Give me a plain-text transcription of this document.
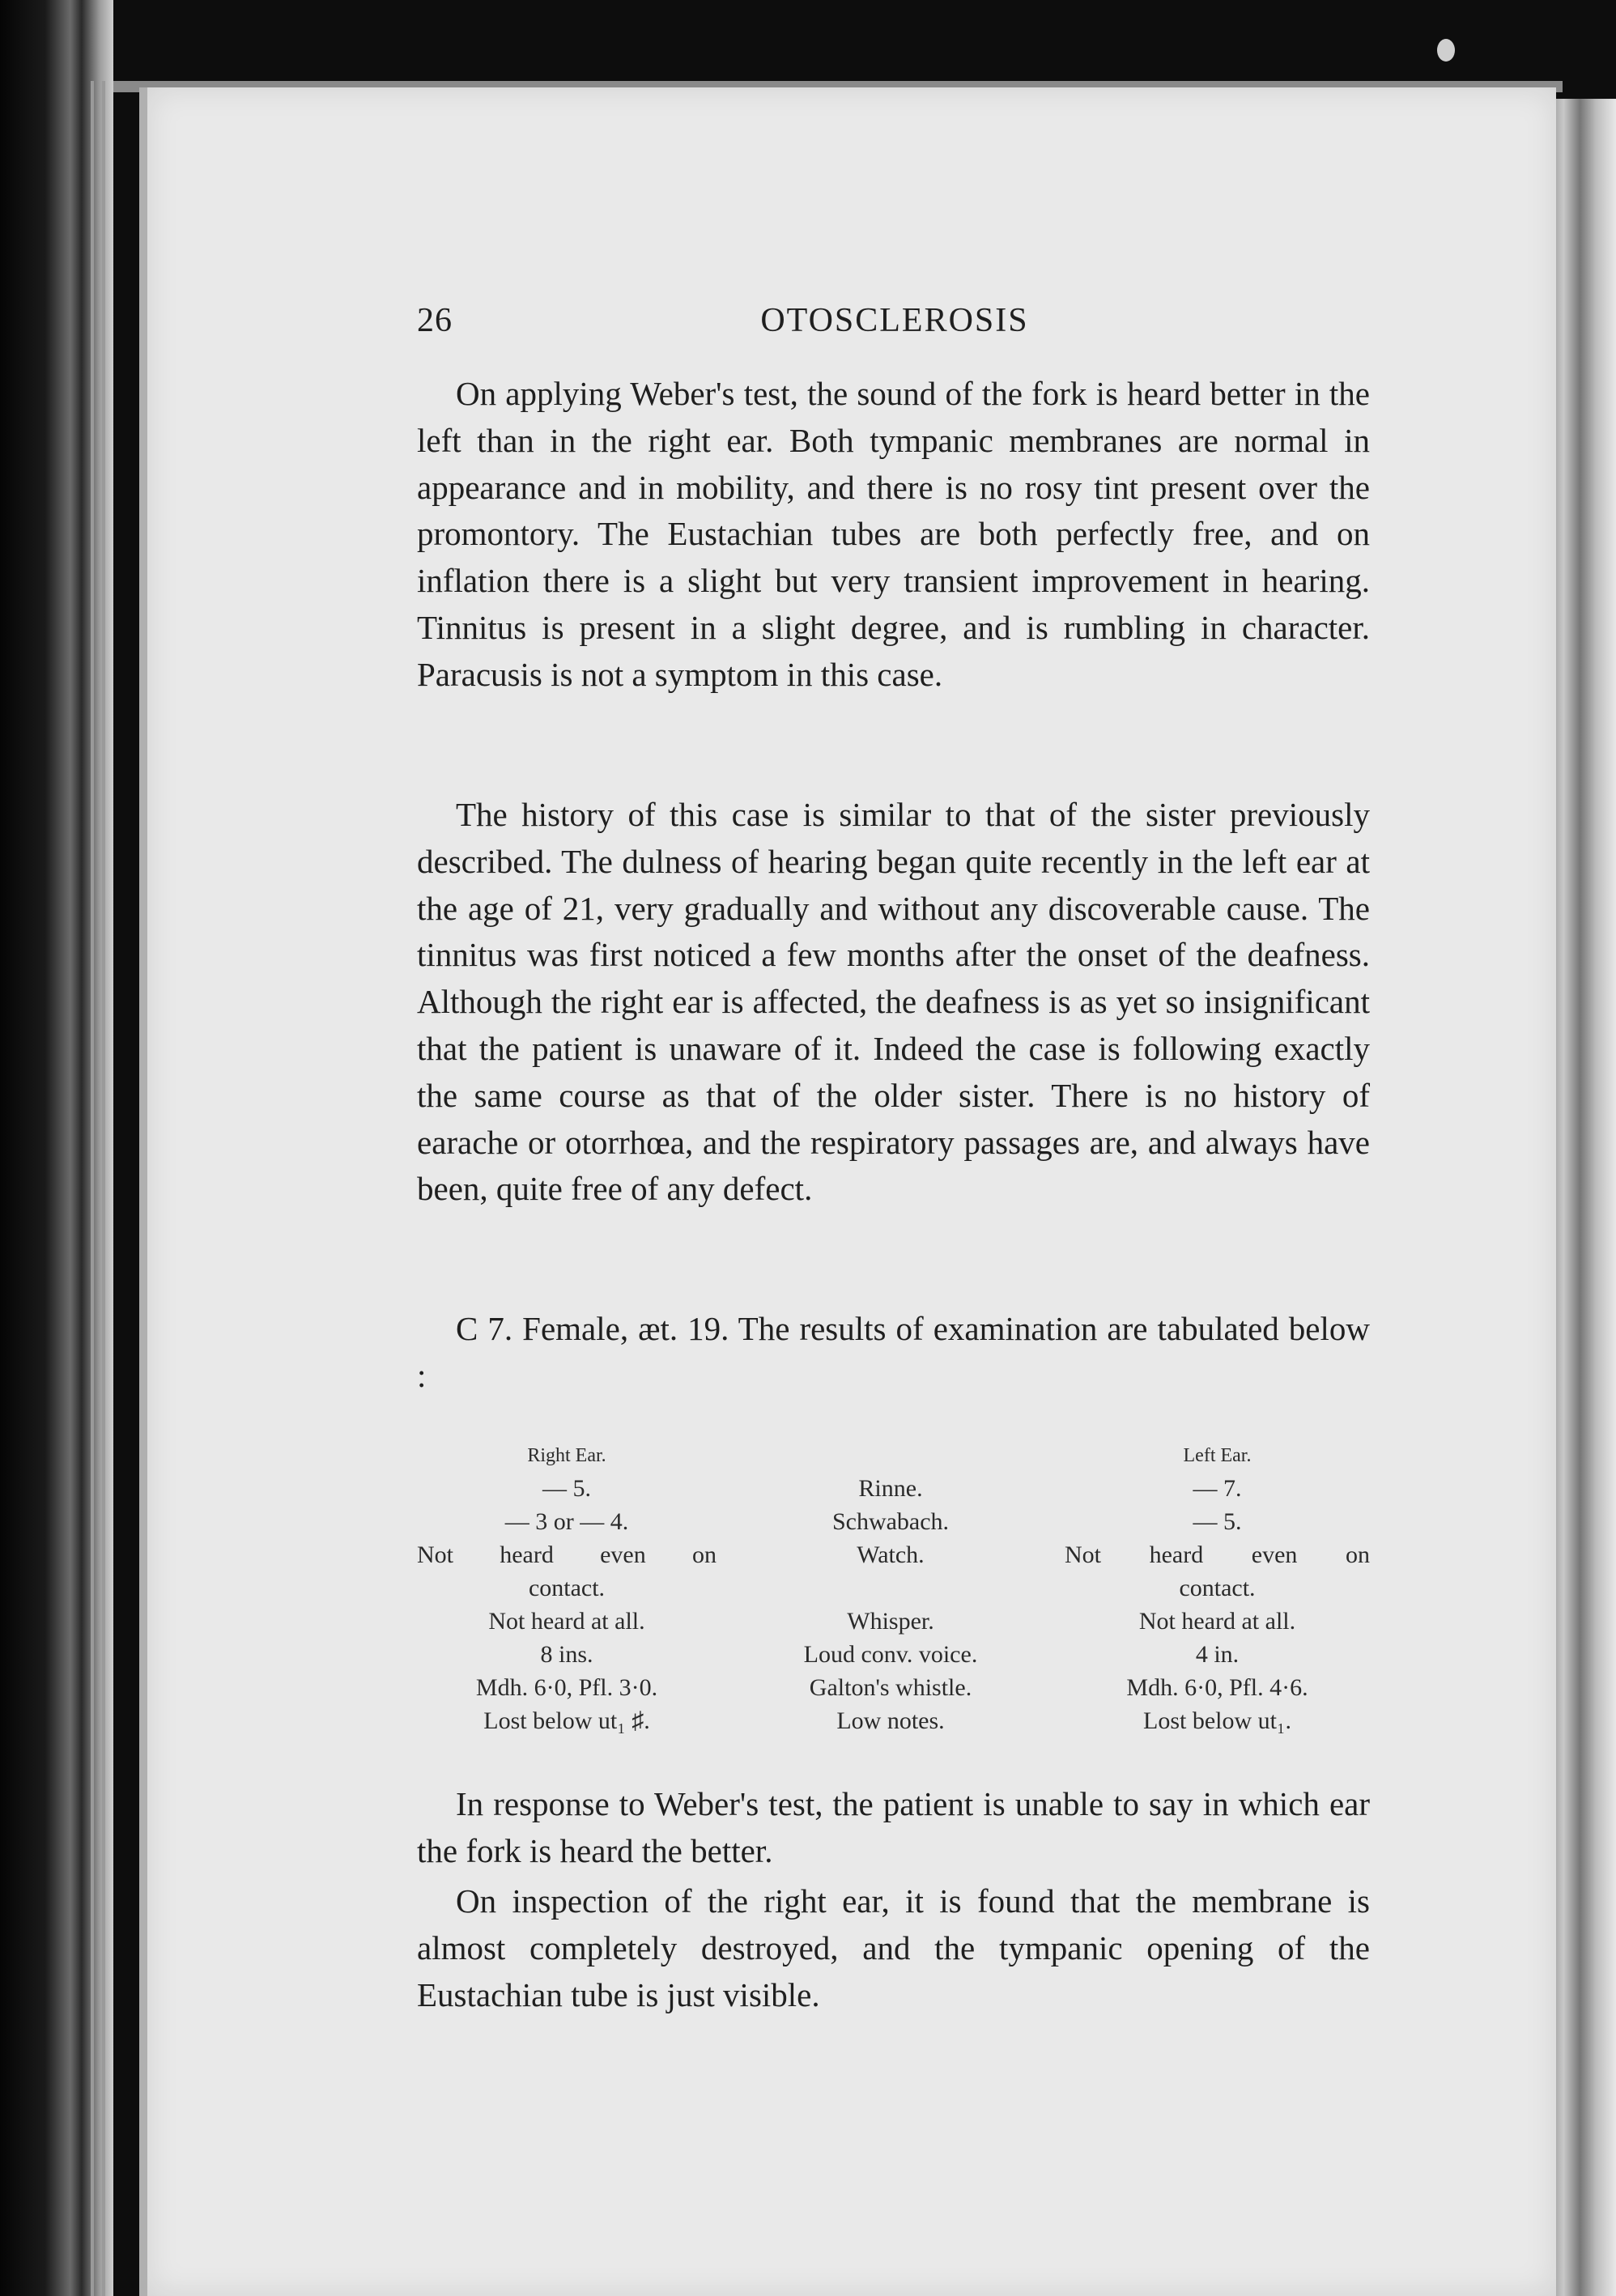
26	OTOSCLEROSIS

On applying Weber's test, the sound of the fork is heard better in the left than in the right ear. Both tympanic membranes are normal in appearance and in mobility, and there is no rosy tint present over the promontory. The Eustachian tubes are both perfectly free, and on inflation there is a slight but very transient improvement in hearing. Tinnitus is present in a slight degree, and is rumbling in character. Paracusis is not a symptom in this case.

The history of this case is similar to that of the sister previously described. The dulness of hearing began quite recently in the left ear at the age of 21, very gradually and without any discoverable cause. The tinnitus was first noticed a few months after the onset of the deafness. Although the right ear is affected, the deafness is as yet so insignificant that the patient is unaware of it. Indeed the case is following exactly the same course as that of the older sister. There is no history of earache or otorrhœa, and the respiratory passages are, and always have been, quite free of any defect.

C 7. Female, æt. 19. The results of examination are tabulated below :

Right Ear.
— 5.
— 3 or — 4.
Not heard even on
contact.
Not heard at all.
8 ins.
Mdh. 6·0, Pfl. 3·0.
Lost below ut₁ ♯.
Rinne.
Schwabach.
Watch.
Whisper.
Loud conv. voice.
Galton's whistle.
Low notes.
Left Ear.
— 7.
— 5.
Not heard even on
contact.
Not heard at all.
4 in.
Mdh. 6·0, Pfl. 4·6.
Lost below ut₁.

In response to Weber's test, the patient is unable to say in which ear the fork is heard the better.

On inspection of the right ear, it is found that the membrane is almost completely destroyed, and the tympanic opening of the Eustachian tube is just visible.
